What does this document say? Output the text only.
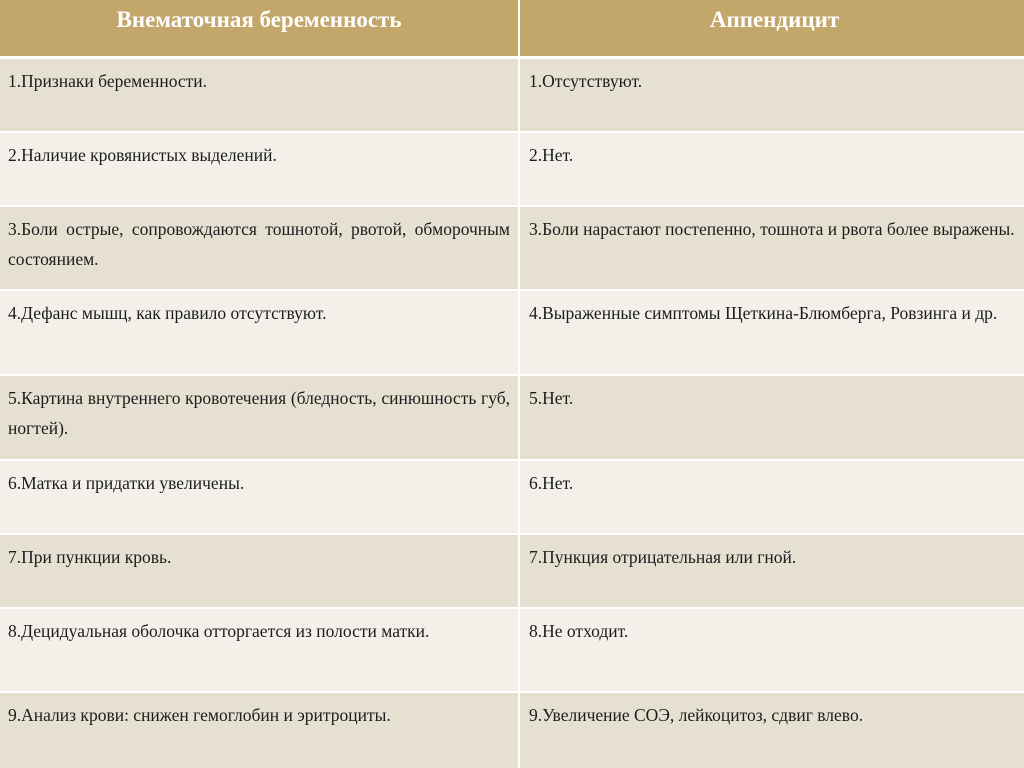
Внематочная беременность	Аппендицит
1.Признаки беременности.	1.Отсутствуют.
2.Наличие кровянистых выделений.	2.Нет.
3.Боли острые, сопровождаются тошнотой, рвотой, обморочным состоянием.	3.Боли нарастают постепенно, тошнота и рвота более выражены.
4.Дефанс мышц, как правило отсутствуют.	4.Выраженные симптомы Щеткина-Блюмберга, Ровзинга и др.
5.Картина внутреннего кровотечения (бледность, синюшность губ, ногтей).	5.Нет.
6.Матка и придатки увеличены.	6.Нет.
7.При пункции кровь.	7.Пункция отрицательная или гной.
8.Децидуальная оболочка отторгается из полости матки.	8.Не отходит.
9.Анализ крови: снижен гемоглобин и эритроциты.	9.Увеличение СОЭ, лейкоцитоз, сдвиг влево.
